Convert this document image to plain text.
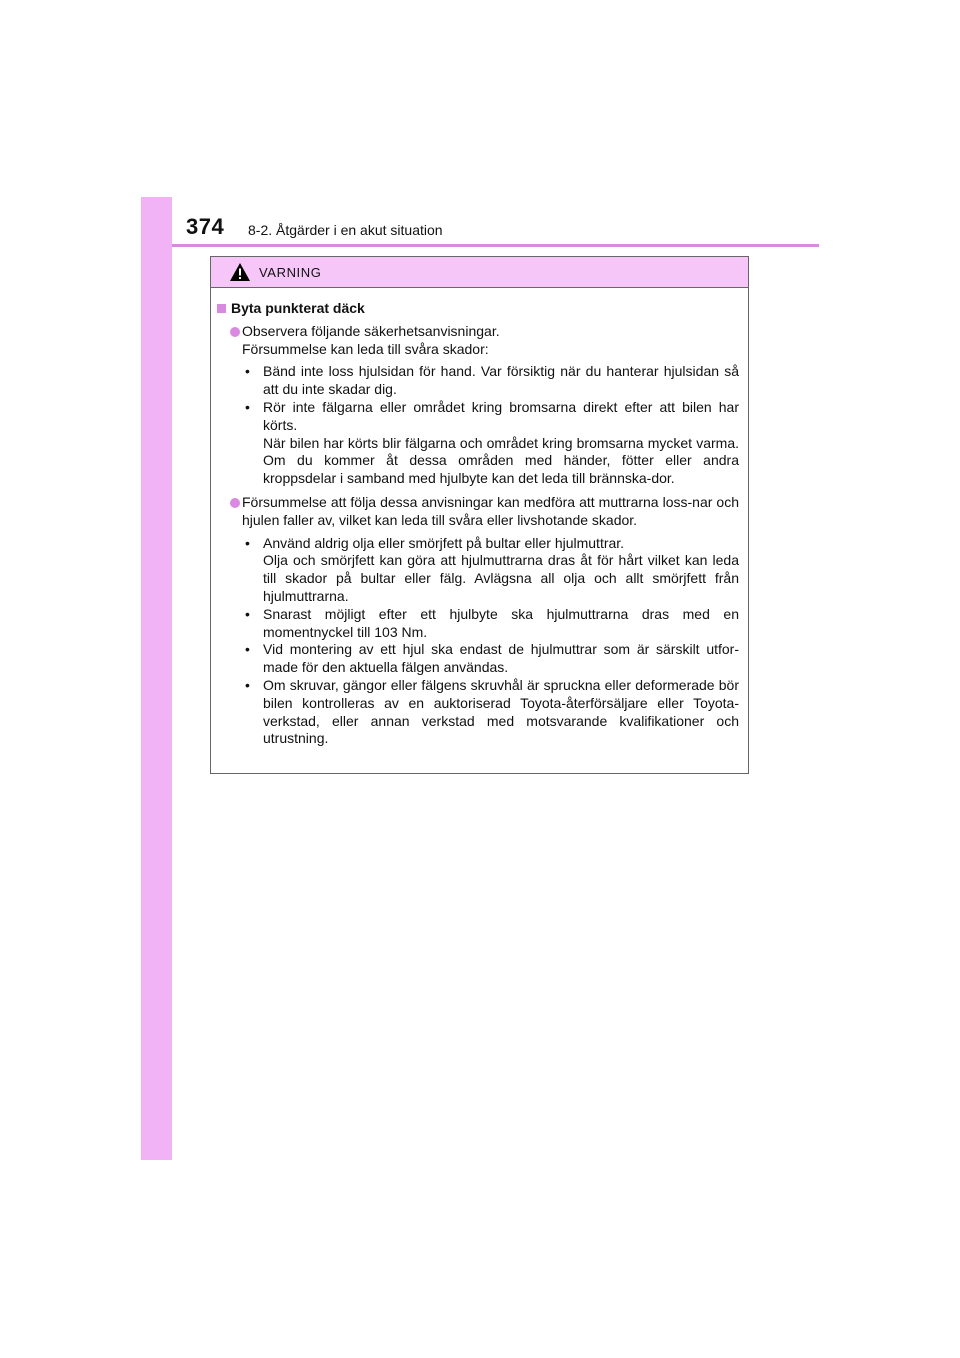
374 8-2. Åtgärder i en akut situation
VARNING
Byta punkterat däck
Observera följande säkerhetsanvisningar.
Försummelse kan leda till svåra skador:
• Bänd inte loss hjulsidan för hand. Var försiktig när du hanterar hjulsidan så att du inte skadar dig.

• Rör inte fälgarna eller området kring bromsarna direkt efter att bilen har körts.

När bilen har körts blir fälgarna och området kring bromsarna mycket varma. Om du kommer åt dessa områden med händer, fötter eller andra kroppsdelar i samband med hjulbyte kan det leda till brännska-dor.

Försummelse att följa dessa anvisningar kan medföra att muttrarna loss-nar och hjulen faller av, vilket kan leda till svåra eller livshotande skador.
• Använd aldrig olja eller smörjfett på bultar eller hjulmuttrar.

Olja och smörjfett kan göra att hjulmuttrarna dras åt för hårt vilket kan leda till skador på bultar eller fälg. Avlägsna all olja och allt smörjfett från hjulmuttrarna.

• Snarast möjligt efter ett hjulbyte ska hjulmuttrarna dras med en momentnyckel till 103 Nm.

• Vid montering av ett hjul ska endast de hjulmuttrar som är särskilt utfor-made för den aktuella fälgen användas.

• Om skruvar, gängor eller fälgens skruvhål är spruckna eller deformerade bör bilen kontrolleras av en auktoriserad Toyota-återförsäljare eller Toyota-verkstad, eller annan verkstad med motsvarande kvalifikationer och utrustning.
